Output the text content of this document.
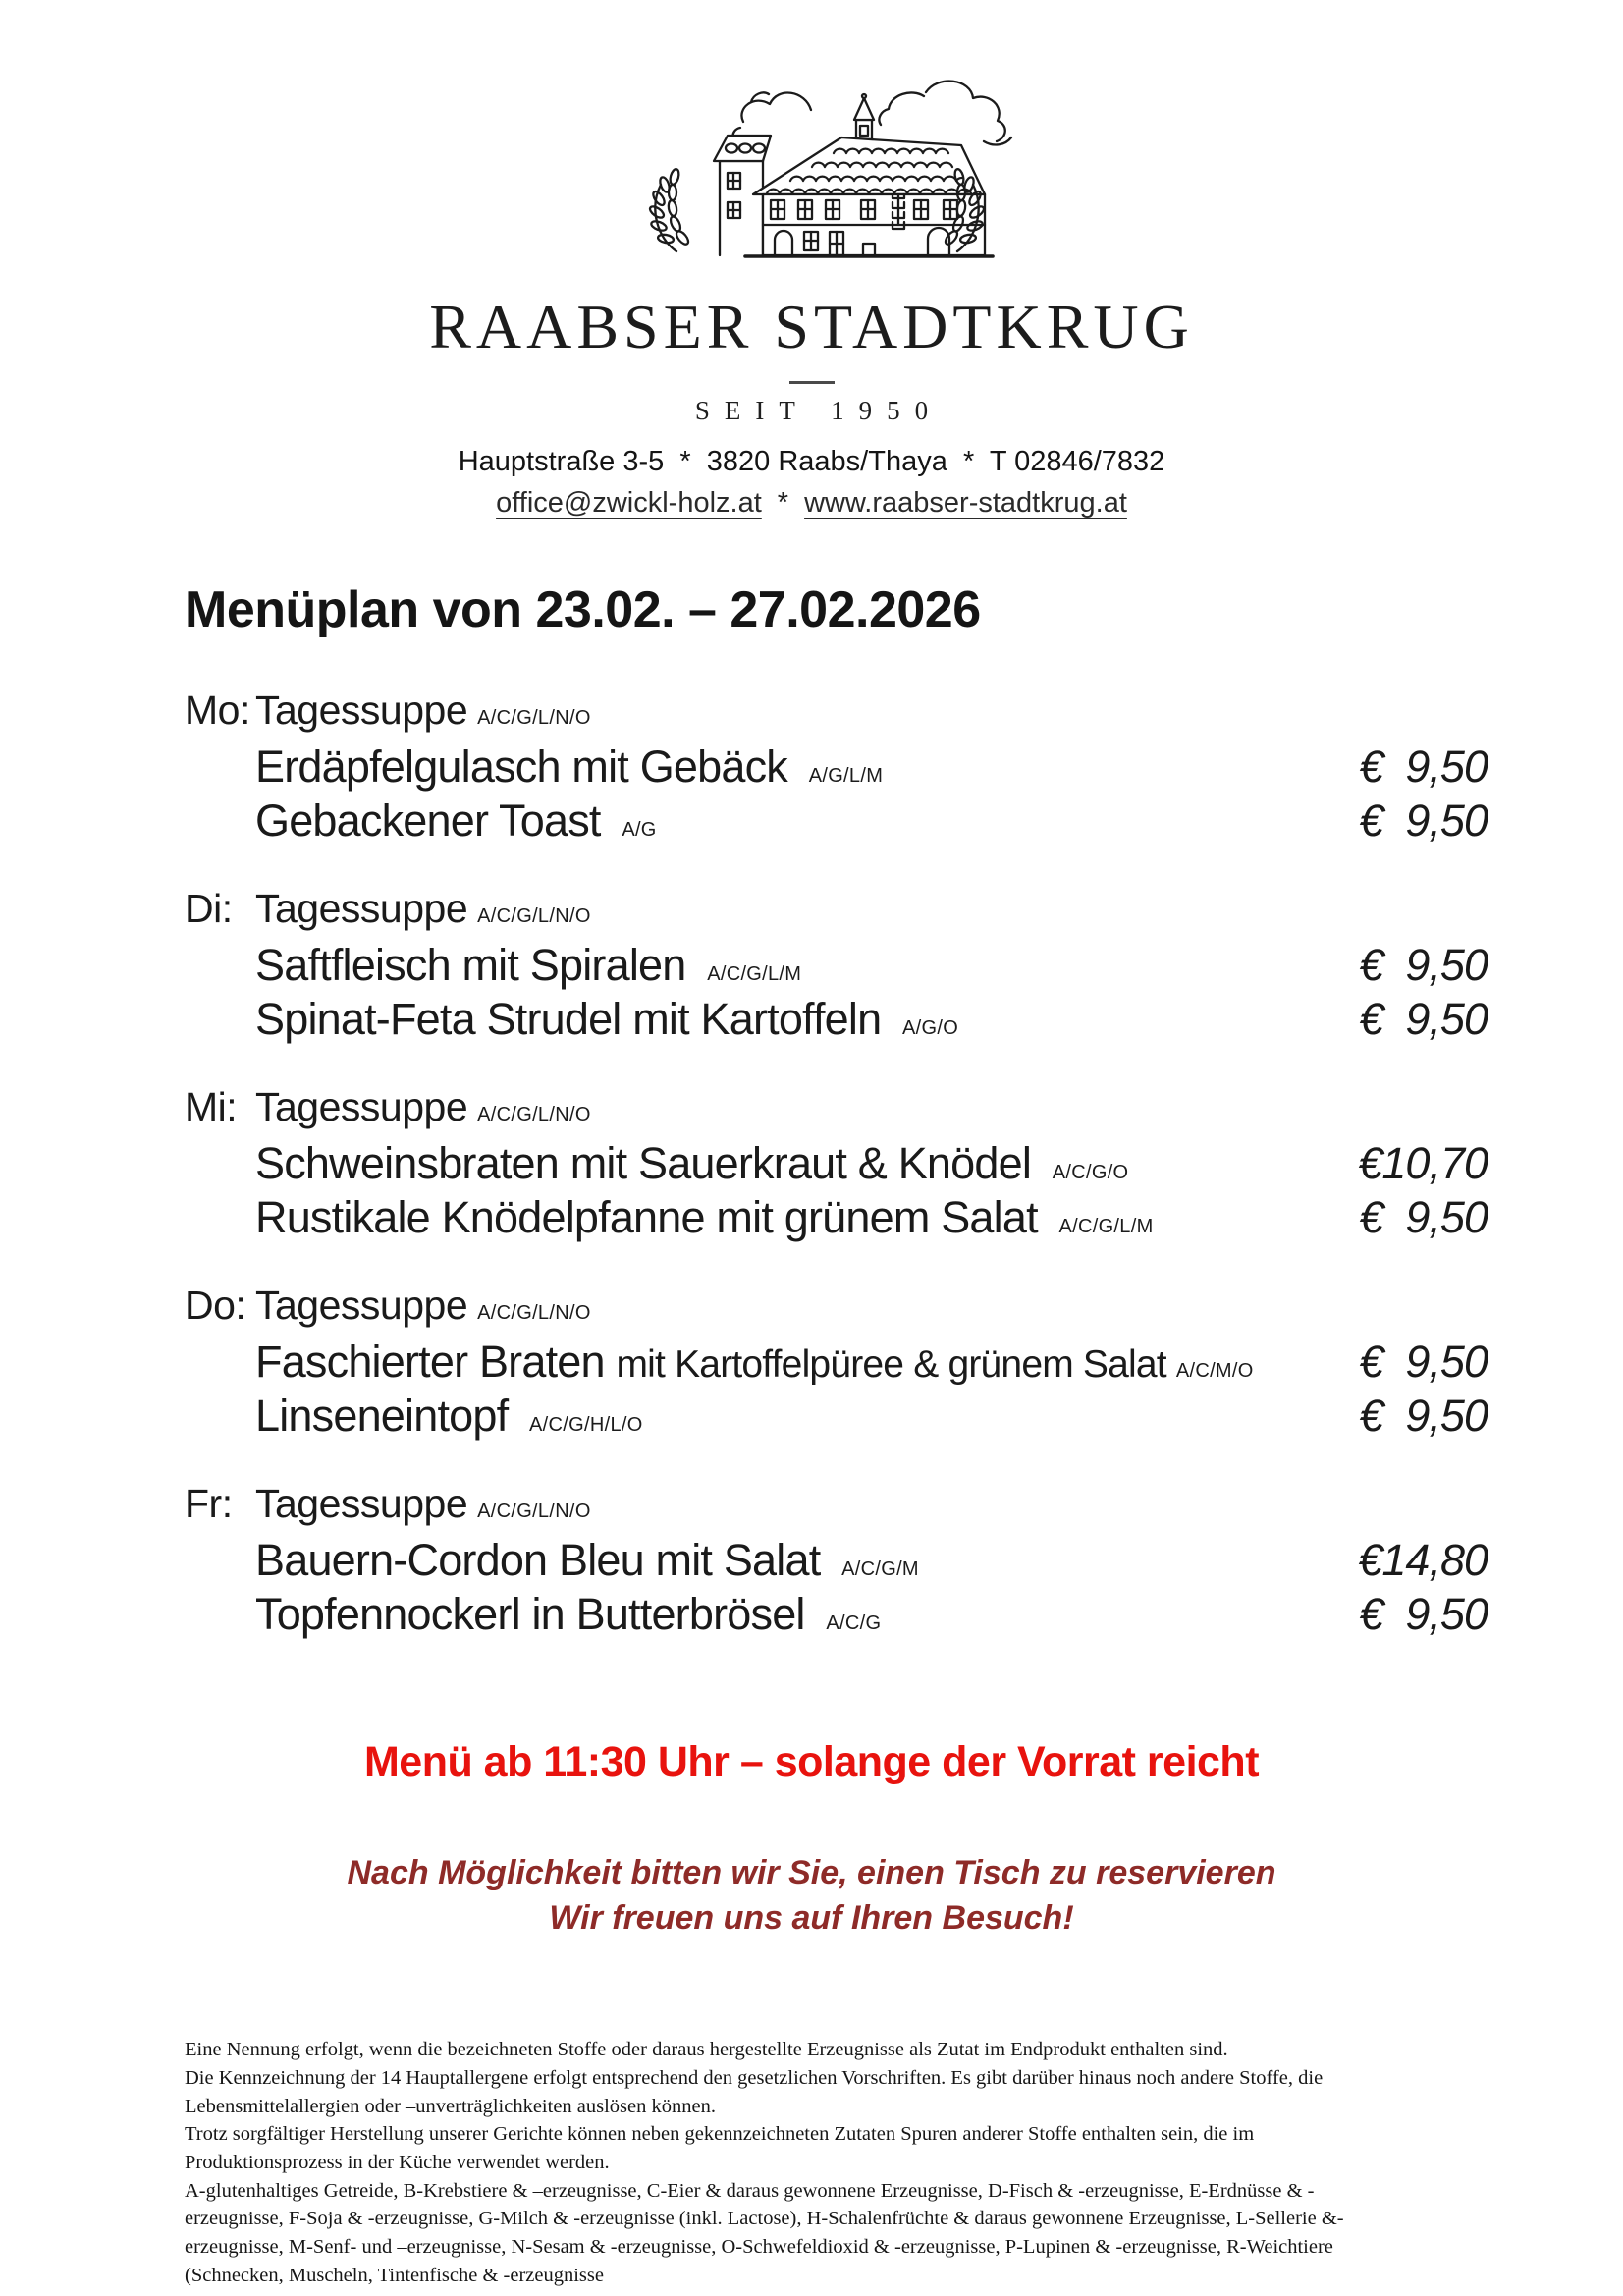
RAABSER STADTKRUG
SEIT 1950
Hauptstraße 3-5  *  3820 Raabs/Thaya  *  T 02846/7832
office@zwickl-holz.at * www.raabser-stadtkrug.at
Menüplan von 23.02. – 27.02.2026
Mo: Tagessuppe A/C/G/L/N/O
Erdäpfelgulasch mit Gebäck A/G/L/M	€  9,50
Gebackener Toast A/G	€  9,50
Di: Tagessuppe A/C/G/L/N/O
Saftfleisch mit Spiralen A/C/G/L/M	€  9,50
Spinat-Feta Strudel mit Kartoffeln A/G/O	€  9,50
Mi: Tagessuppe A/C/G/L/N/O
Schweinsbraten mit Sauerkraut & Knödel A/C/G/O	€10,70
Rustikale Knödelpfanne mit grünem Salat A/C/G/L/M	€  9,50
Do: Tagessuppe A/C/G/L/N/O
Faschierter Braten mit Kartoffelpüree & grünem Salat A/C/M/O	€  9,50
Linseneintopf A/C/G/H/L/O	€  9,50
Fr: Tagessuppe A/C/G/L/N/O
Bauern-Cordon Bleu mit Salat A/C/G/M	€14,80
Topfennockerl in Butterbrösel A/C/G	€  9,50
Menü ab 11:30 Uhr – solange der Vorrat reicht
Nach Möglichkeit bitten wir Sie, einen Tisch zu reservieren
Wir freuen uns auf Ihren Besuch!
Eine Nennung erfolgt, wenn die bezeichneten Stoffe oder daraus hergestellte Erzeugnisse als Zutat im Endprodukt enthalten sind.
Die Kennzeichnung der 14 Hauptallergene erfolgt entsprechend den gesetzlichen Vorschriften. Es gibt darüber hinaus noch andere Stoffe, die
Lebensmittelallergien oder –unverträglichkeiten auslösen können.
Trotz sorgfältiger Herstellung unserer Gerichte können neben gekennzeichneten Zutaten Spuren anderer Stoffe enthalten sein, die im
Produktionsprozess in der Küche verwendet werden.
A-glutenhaltiges Getreide, B-Krebstiere & –erzeugnisse, C-Eier & daraus gewonnene Erzeugnisse, D-Fisch & -erzeugnisse, E-Erdnüsse & -
erzeugnisse, F-Soja & -erzeugnisse, G-Milch & -erzeugnisse (inkl. Lactose), H-Schalenfrüchte & daraus gewonnene Erzeugnisse, L-Sellerie &-
erzeugnisse, M-Senf- und –erzeugnisse, N-Sesam & -erzeugnisse, O-Schwefeldioxid & -erzeugnisse, P-Lupinen & -erzeugnisse, R-Weichtiere
(Schnecken, Muscheln, Tintenfische & -erzeugnisse
